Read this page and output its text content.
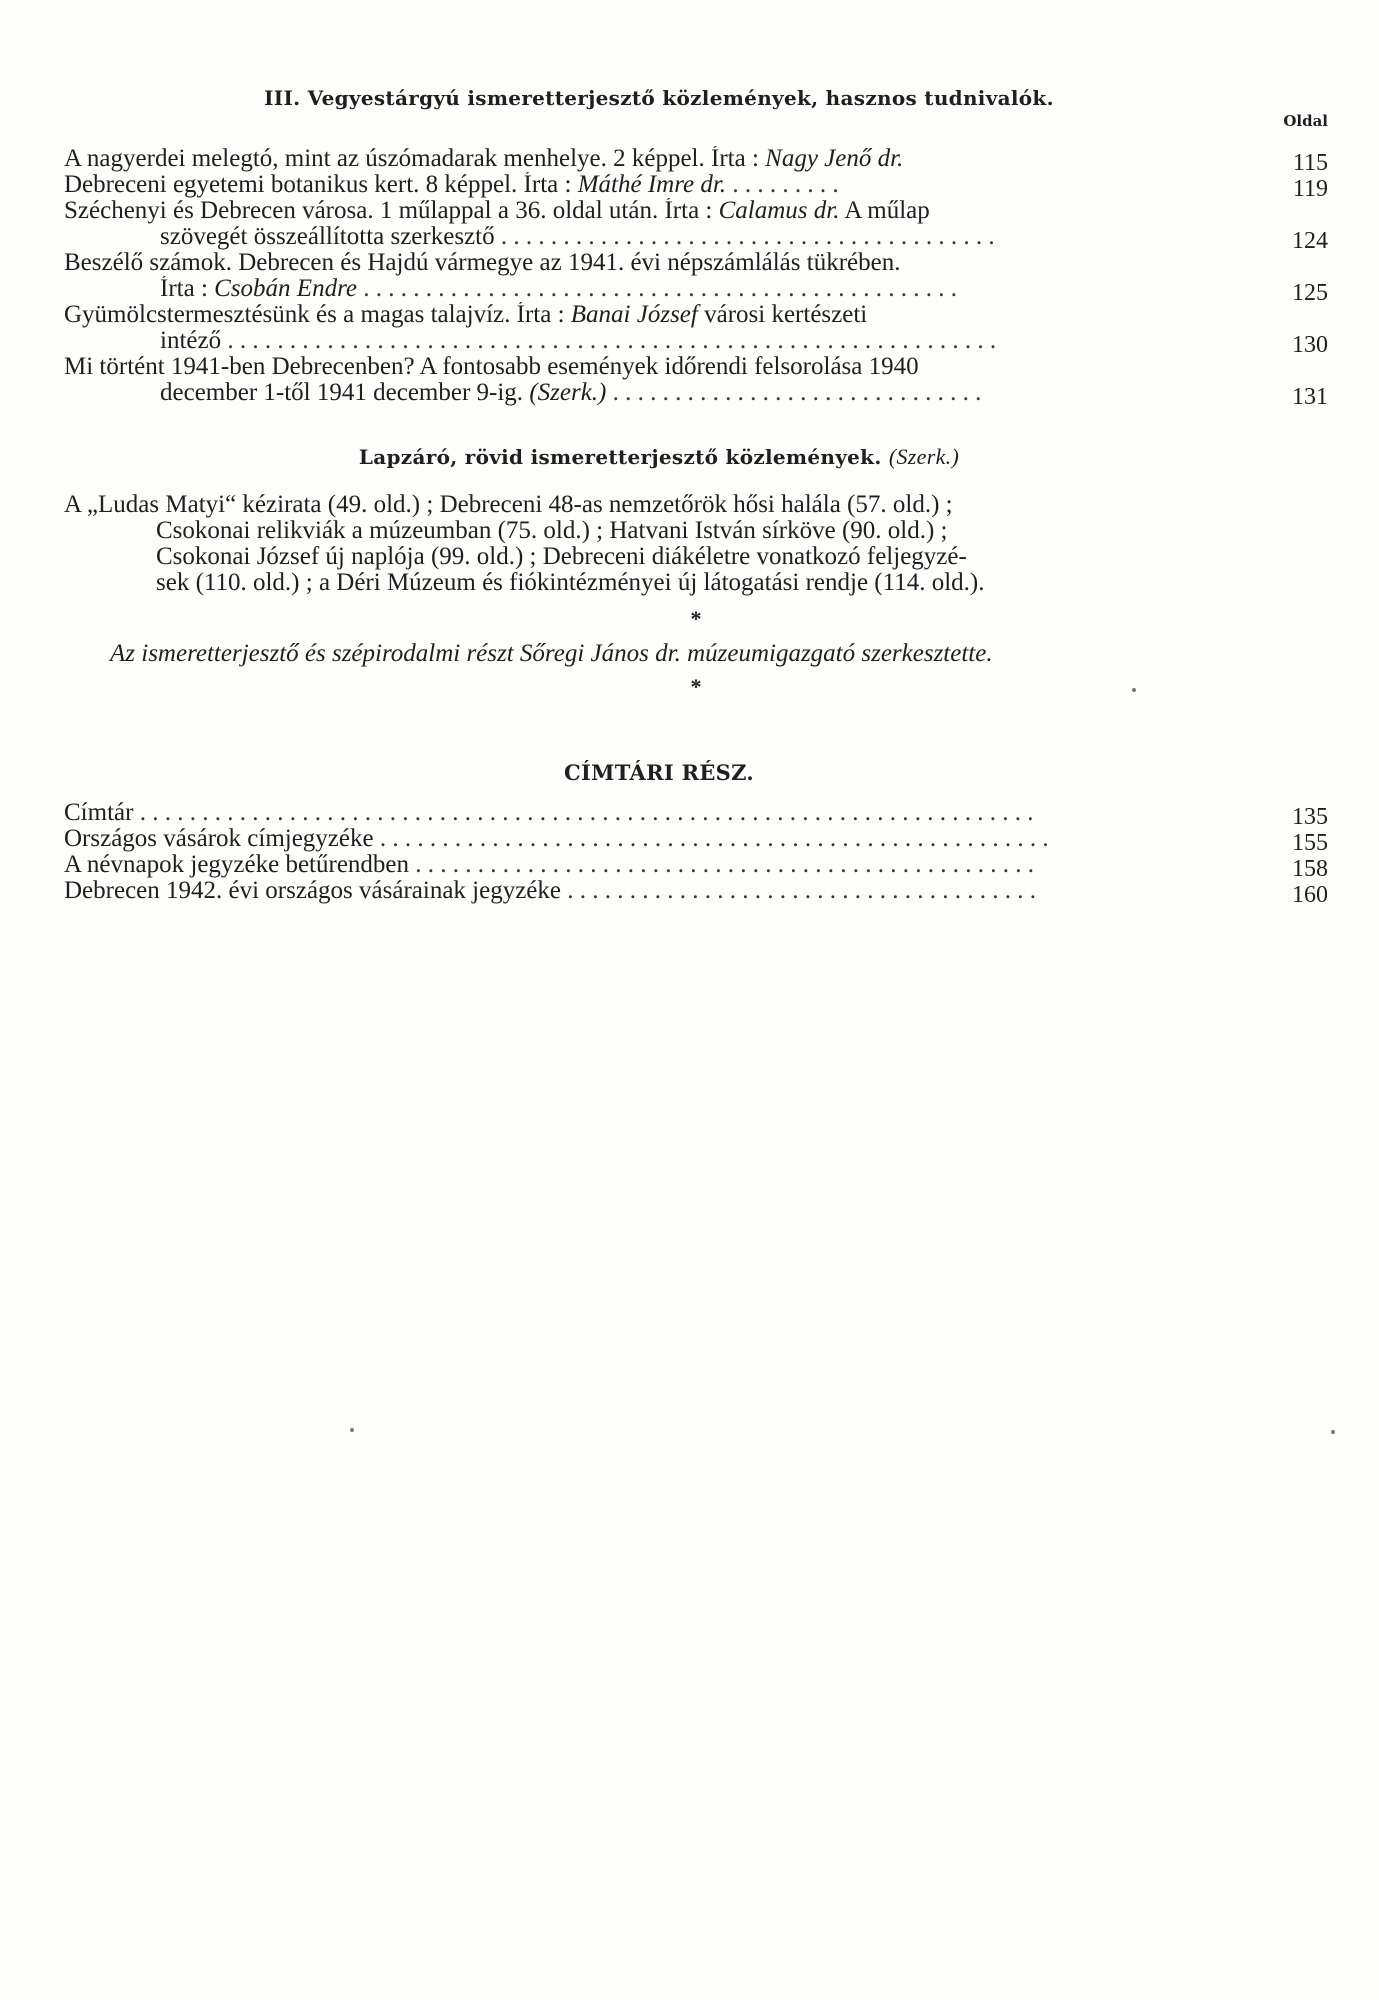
III. Vegyestárgyú ismeretterjesztő közlemények, hasznos tudnivalók.
Oldal
A nagyerdei melegtó, mint az úszómadarak menhelye. 2 képpel. Írta : Nagy Jenő dr.	115
Debreceni egyetemi botanikus kert. 8 képpel. Írta : Máthé Imre dr. . . . . . . . . .	119
Széchenyi és Debrecen városa. 1 műlappal a 36. oldal után. Írta : Calamus dr. A műlap
szövegét összeállította szerkesztő . . . . . . . . . . . . . . . . . . . . . . . . . . . . . . . . . . . . . . . .	124
Beszélő számok. Debrecen és Hajdú vármegye az 1941. évi népszámlálás tükrében.
Írta : Csobán Endre . . . . . . . . . . . . . . . . . . . . . . . . . . . . . . . . . . . . . . . . . . . . . . . .	125
Gyümölcstermesztésünk és a magas talajvíz. Írta : Banai József városi kertészeti
intéző . . . . . . . . . . . . . . . . . . . . . . . . . . . . . . . . . . . . . . . . . . . . . . . . . . . . . . . . . . . . . .	130
Mi történt 1941-ben Debrecenben? A fontosabb események időrendi felsorolása 1940
december 1-től 1941 december 9-ig. (Szerk.) . . . . . . . . . . . . . . . . . . . . . . . . . . . . . .	131
Lapzáró, rövid ismeretterjesztő közlemények. (Szerk.)
A „Ludas Matyi“ kézirata (49. old.) ; Debreceni 48-as nemzetőrök hősi halála (57. old.) ;
Csokonai relikviák a múzeumban (75. old.) ; Hatvani István sírköve (90. old.) ;
Csokonai József új naplója (99. old.) ; Debreceni diákéletre vonatkozó feljegyzé-
sek (110. old.) ; a Déri Múzeum és fiókintézményei új látogatási rendje (114. old.).
*
Az ismeretterjesztő és szépirodalmi részt Sőregi János dr. múzeumigazgató szerkesztette.
*
CÍMTÁRI RÉSZ.
Címtár . . . . . . . . . . . . . . . . . . . . . . . . . . . . . . . . . . . . . . . . . . . . . . . . . . . . . . . . . . . . . . . . . . . . . . . .	135
Országos vásárok címjegyzéke . . . . . . . . . . . . . . . . . . . . . . . . . . . . . . . . . . . . . . . . . . . . . . . . . . . . . .	155
A névnapok jegyzéke betűrendben . . . . . . . . . . . . . . . . . . . . . . . . . . . . . . . . . . . . . . . . . . . . . . . . . .	158
Debrecen 1942. évi országos vásárainak jegyzéke . . . . . . . . . . . . . . . . . . . . . . . . . . . . . . . . . . . . . .	160
